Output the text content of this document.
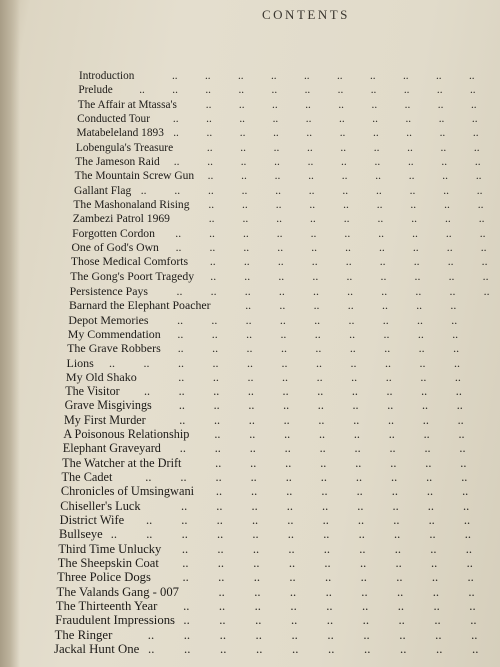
CONTENTS
Introduction	.. .. .. .. .. .. .. .. .. ..
Prelude .. .. .. .. .. .. .. .. .. .. ..
The Affair at Mtassa's	.. .. .. .. .. .. .. .. ..
Conducted Tour .. .. .. .. .. .. .. .. .. ..
Matabeleland 1893 .. .. .. .. .. .. .. .. .. ..
Lobengula's Treasure	.. .. .. .. .. .. .. .. ..
The Jameson Raid .. .. .. .. .. .. .. .. .. ..
The Mountain Screw Gun .. .. .. .. .. .. .. .. ..
Gallant Flag .. .. .. .. .. .. .. .. .. .. ..
The Mashonaland Rising .. .. .. .. .. .. .. .. ..
Zambezi Patrol 1969	.. .. .. .. .. .. .. .. ..
Forgotten Cordon .. .. .. .. .. .. .. .. .. ..
One of God's Own .. .. .. .. .. .. .. .. .. ..
Those Medical Comforts .. .. .. .. .. .. .. .. ..
The Gong's Poort Tragedy .. .. .. .. .. .. .. .. ..
Persistence Pays .. .. .. .. .. .. .. .. .. ..
Barnard the Elephant Poacher	.. .. .. .. .. .. ..
Depot Memories .. .. .. .. .. .. .. .. ..
My Commendation .. .. .. .. .. .. .. .. ..
The Grave Robbers .. .. .. .. .. .. .. .. ..
Lions .. .. .. .. .. .. .. .. .. .. ..
My Old Shako	.. .. .. .. .. .. .. .. ..
The Visitor .. .. .. .. .. .. .. .. .. ..
Grave Misgivings .. .. .. .. .. .. .. .. ..
My First Murder	.. .. .. .. .. .. .. .. ..
A Poisonous Relationship .. .. .. .. .. .. .. ..
Elephant Graveyard .. .. .. .. .. .. .. .. ..
The Watcher at the Drift	.. .. .. .. .. .. .. ..
The Cadet	.. .. .. .. .. .. .. .. .. ..
Chronicles of Umsingwani .. .. .. .. .. .. .. ..
Chiseller's Luck	.. .. .. .. .. .. .. .. ..
District Wife .. .. .. .. .. .. .. .. .. ..
Bullseye .. .. .. .. .. .. .. .. .. .. ..
Third Time Unlucky .. .. .. .. .. .. .. .. ..
The Sheepskin Coat .. .. .. .. .. .. .. .. ..
Three Police Dogs	.. .. .. .. .. .. .. .. ..
The Valands Gang - 007	.. .. .. .. .. .. .. ..
The Thirteenth Year .. .. .. .. .. .. .. .. ..
Fraudulent Impressions .. .. .. .. .. .. .. .. ..
The Ringer	.. .. .. .. .. .. .. .. .. ..
Jackal Hunt One .. .. .. .. .. .. .. .. .. ..
